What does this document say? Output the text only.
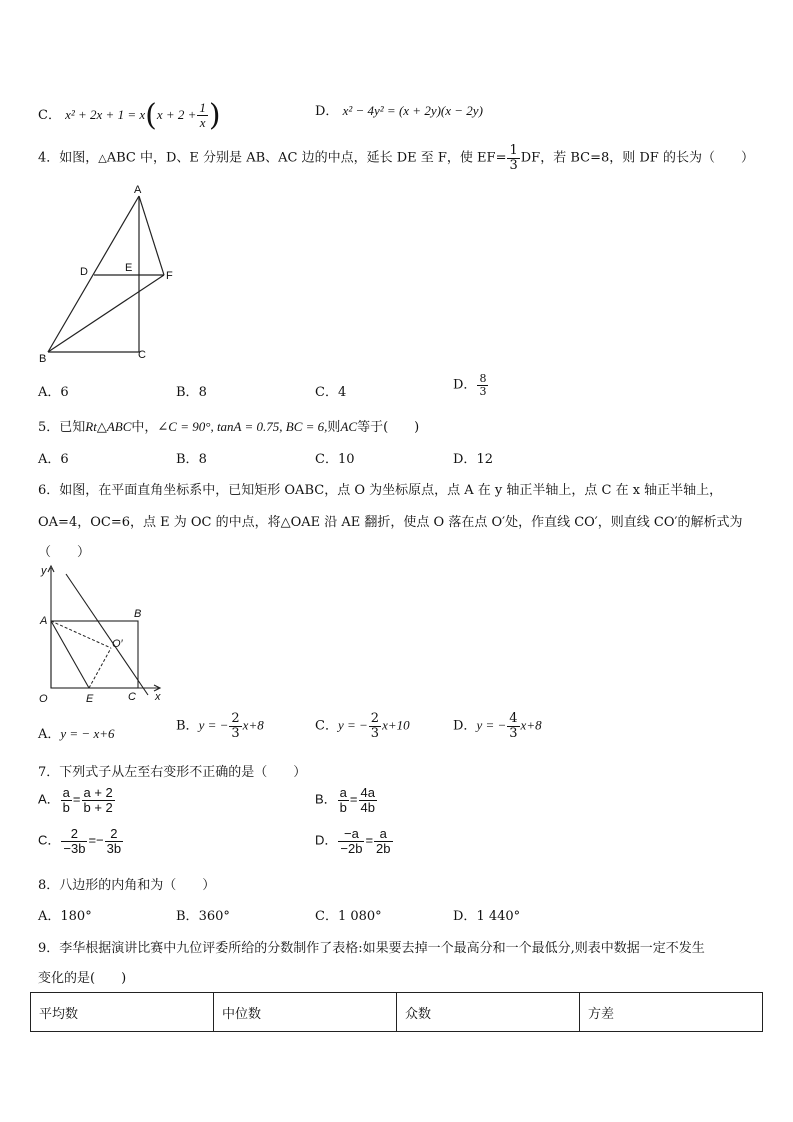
C． $x^2 + 2x + 1 = x(x + 2 + \frac{1}{x}$ )	D． x² − 4y² = (x + 2y)(x − 2y)
4．如图，△ABC 中，D、E 分别是 AB、AC 边的中点，延长 DE 至 F，使 $EF= \frac{1}{3}$ DF，若 BC=8，则 DF 的长为（　　）
A
B	C
D	E
F
A．6	B．8	C．4	D． $\frac{8}{3}$
5．已知Rt△ABC中，∠C = 90°, tanA = 0.75, BC = 6,则AC等于(　　)
A．6	B．8	C．10	D．12
6．如图，在平面直角坐标系中，已知矩形 OABC，点 O 为坐标原点，点 A 在 y 轴正半轴上，点 C 在 x 轴正半轴上，
OA=4，OC=6，点 E 为 OC 的中点，将△OAE 沿 AE 翻折，使点 O 落在点 O′处，作直线 CO′，则直线 CO′的解析式为
（　　）
y
x
A
B
O	E	C
O′
A．y = − x+6	B．y = − $\frac{2}{3} x+8$	C．y = − $\frac{2}{3} x+10$	D．y = − $\frac{4}{3} x+8$
7．下列式子从左至右变形不正确的是（　　）
A． $\frac{a}{b} = \frac{a + 2}{b + 2}$	B． $\frac{a}{b} = \frac{4a}{4b}$
C． $\frac{2}{-3b} =- \frac{2}{3b}$	D． $\frac{-a}{-2b} = \frac{a}{2b}$
8．八边形的内角和为（　　）
A．180°	B．360°	C．1 080°	D．1 440°
9．李华根据演讲比赛中九位评委所给的分数制作了表格:如果要去掉一个最高分和一个最低分,则表中数据一定不发生
变化的是(　　)
平均数	中位数	众数	方差
